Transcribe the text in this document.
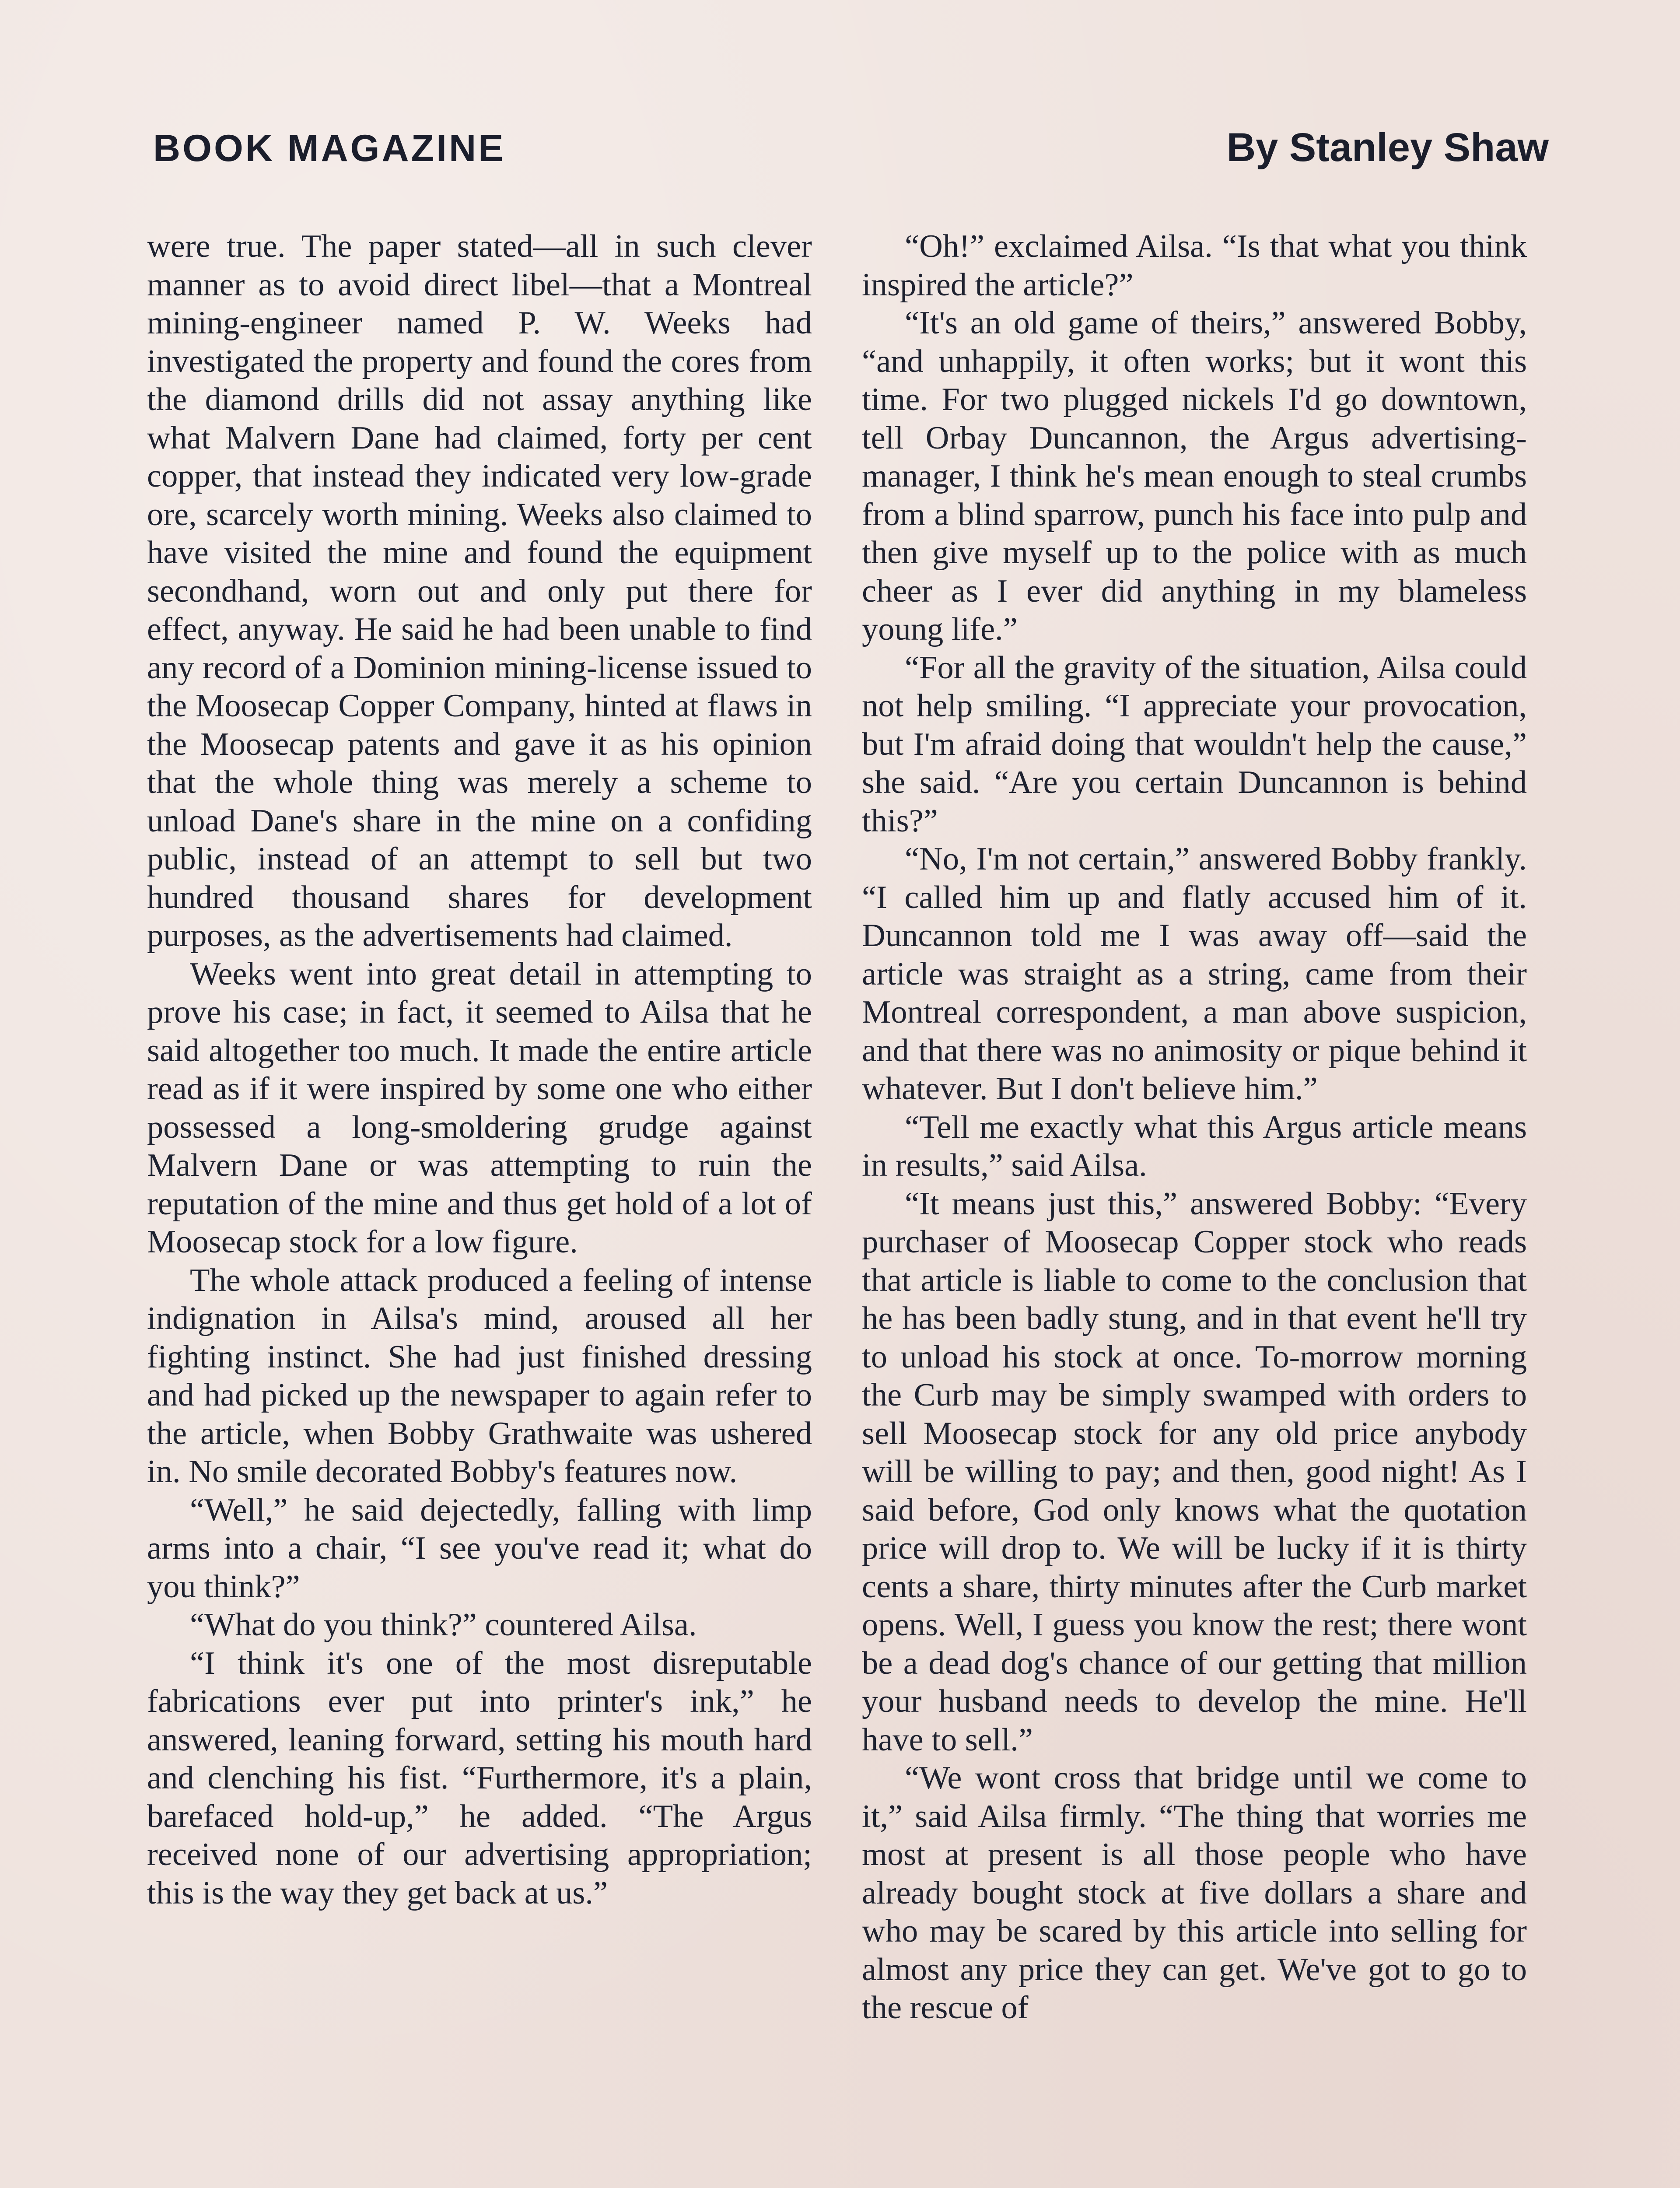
BOOK MAGAZINE	By Stanley Shaw

were true. The paper stated—all in such clever manner as to avoid direct libel—that a Montreal mining-engineer named P. W. Weeks had investigated the property and found the cores from the diamond drills did not assay anything like what Malvern Dane had claimed, forty per cent copper, that instead they indicated very low-grade ore, scarcely worth mining. Weeks also claimed to have visited the mine and found the equipment secondhand, worn out and only put there for effect, anyway. He said he had been unable to find any record of a Dominion mining-license issued to the Moosecap Copper Company, hinted at flaws in the Moosecap patents and gave it as his opinion that the whole thing was merely a scheme to unload Dane's share in the mine on a confiding public, instead of an attempt to sell but two hundred thousand shares for development purposes, as the advertisements had claimed.

Weeks went into great detail in attempting to prove his case; in fact, it seemed to Ailsa that he said altogether too much. It made the entire article read as if it were inspired by some one who either possessed a long-smoldering grudge against Malvern Dane or was attempting to ruin the reputation of the mine and thus get hold of a lot of Moosecap stock for a low figure.

The whole attack produced a feeling of intense indignation in Ailsa's mind, aroused all her fighting instinct. She had just finished dressing and had picked up the newspaper to again refer to the article, when Bobby Grathwaite was ushered in. No smile decorated Bobby's features now.

“Well,” he said dejectedly, falling with limp arms into a chair, “I see you've read it; what do you think?”

“What do you think?” countered Ailsa.

“I think it's one of the most disreputable fabrications ever put into printer's ink,” he answered, leaning forward, setting his mouth hard and clenching his fist. “Furthermore, it's a plain, barefaced hold-up,” he added. “The Argus received none of our advertising appropriation; this is the way they get back at us.”

“Oh!” exclaimed Ailsa. “Is that what you think inspired the article?”

“It's an old game of theirs,” answered Bobby, “and unhappily, it often works; but it wont this time. For two plugged nickels I'd go downtown, tell Orbay Duncannon, the Argus advertising-manager, I think he's mean enough to steal crumbs from a blind sparrow, punch his face into pulp and then give myself up to the police with as much cheer as I ever did anything in my blameless young life.”

“For all the gravity of the situation, Ailsa could not help smiling. “I appreciate your provocation, but I'm afraid doing that wouldn't help the cause,” she said. “Are you certain Duncannon is behind this?”

“No, I'm not certain,” answered Bobby frankly. “I called him up and flatly accused him of it. Duncannon told me I was away off—said the article was straight as a string, came from their Montreal correspondent, a man above suspicion, and that there was no animosity or pique behind it whatever. But I don't believe him.”

“Tell me exactly what this Argus article means in results,” said Ailsa.

“It means just this,” answered Bobby: “Every purchaser of Moosecap Copper stock who reads that article is liable to come to the conclusion that he has been badly stung, and in that event he'll try to unload his stock at once. To-morrow morning the Curb may be simply swamped with orders to sell Moosecap stock for any old price anybody will be willing to pay; and then, good night! As I said before, God only knows what the quotation price will drop to. We will be lucky if it is thirty cents a share, thirty minutes after the Curb market opens. Well, I guess you know the rest; there wont be a dead dog's chance of our getting that million your husband needs to develop the mine. He'll have to sell.”

“We wont cross that bridge until we come to it,” said Ailsa firmly. “The thing that worries me most at present is all those people who have already bought stock at five dollars a share and who may be scared by this article into selling for almost any price they can get. We've got to go to the rescue of
